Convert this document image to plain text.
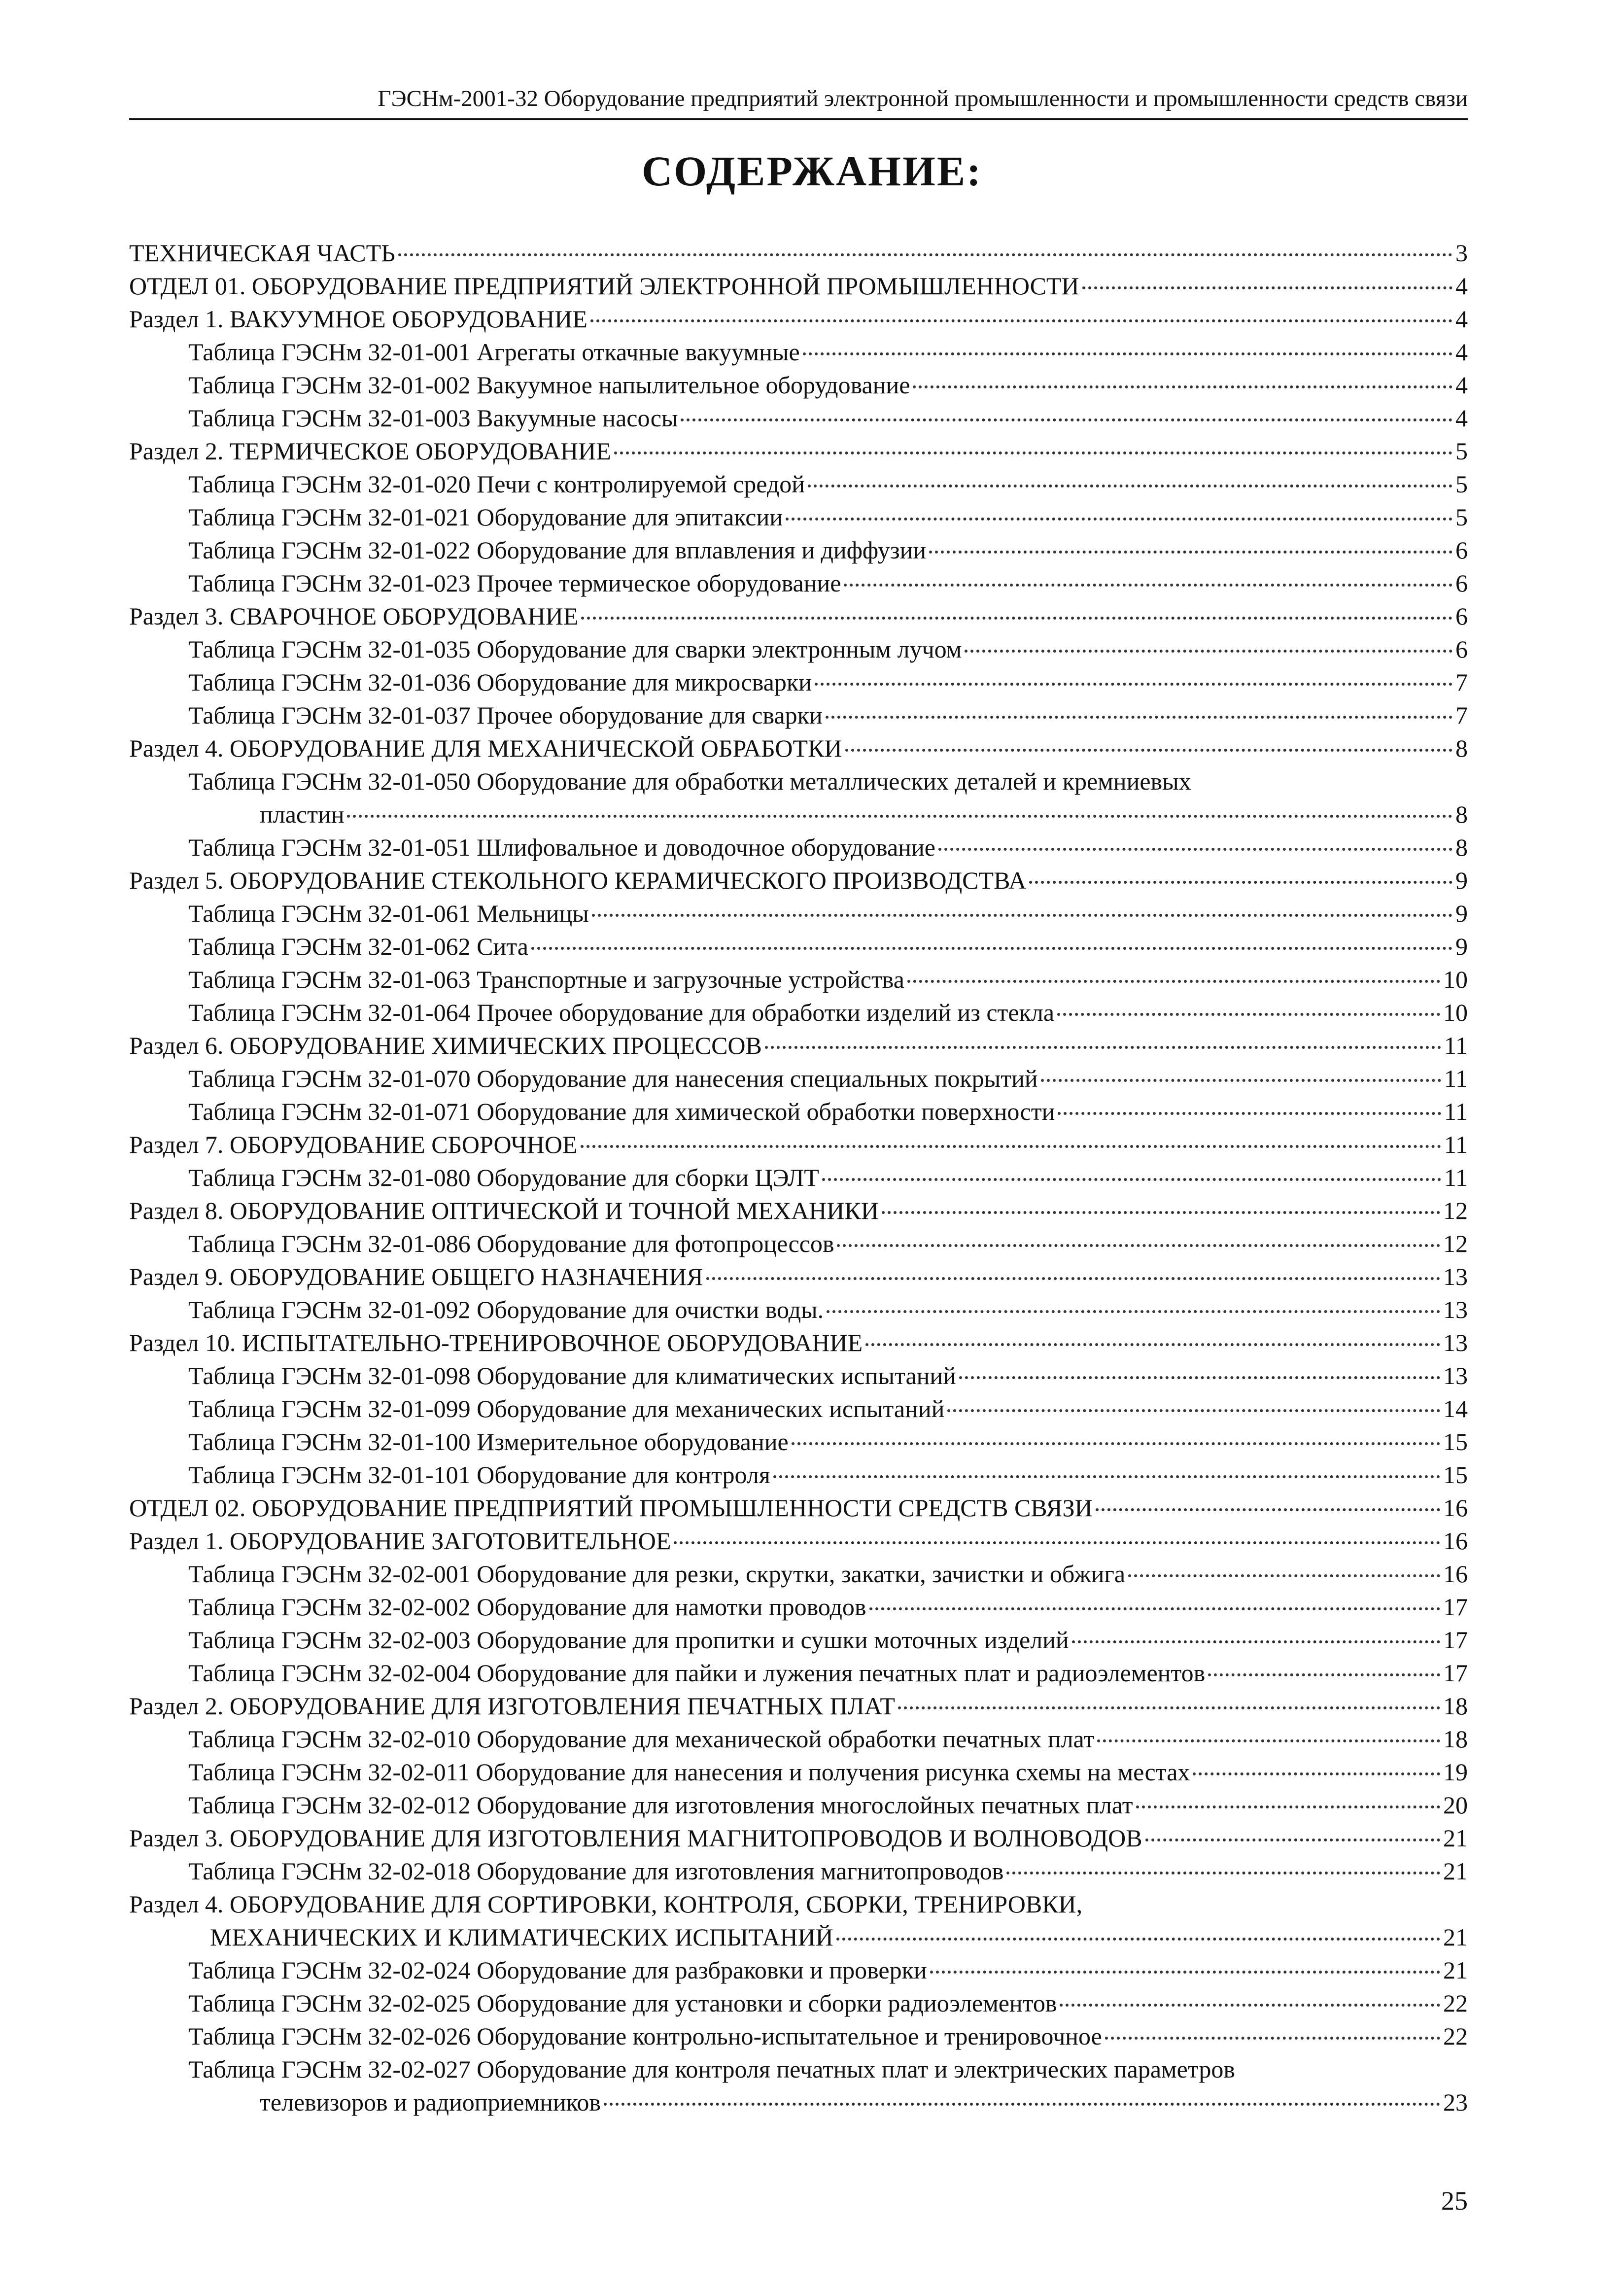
ГЭСНм-2001-32 Оборудование предприятий электронной промышленности и промышленности средств связи
СОДЕРЖАНИЕ:
ТЕХНИЧЕСКАЯ ЧАСТЬ	3
ОТДЕЛ 01. ОБОРУДОВАНИЕ ПРЕДПРИЯТИЙ ЭЛЕКТРОННОЙ ПРОМЫШЛЕННОСТИ	4
Раздел 1. ВАКУУМНОЕ ОБОРУДОВАНИЕ	4
Таблица ГЭСНм 32-01-001 Агрегаты откачные вакуумные	4
Таблица ГЭСНм 32-01-002 Вакуумное напылительное оборудование	4
Таблица ГЭСНм 32-01-003 Вакуумные насосы	4
Раздел 2. ТЕРМИЧЕСКОЕ ОБОРУДОВАНИЕ	5
Таблица ГЭСНм 32-01-020 Печи с контролируемой средой	5
Таблица ГЭСНм 32-01-021 Оборудование для эпитаксии	5
Таблица ГЭСНм 32-01-022 Оборудование для вплавления и диффузии	6
Таблица ГЭСНм 32-01-023 Прочее термическое оборудование	6
Раздел 3. СВАРОЧНОЕ ОБОРУДОВАНИЕ	6
Таблица ГЭСНм 32-01-035 Оборудование для сварки электронным лучом	6
Таблица ГЭСНм 32-01-036 Оборудование для микросварки	7
Таблица ГЭСНм 32-01-037 Прочее оборудование для сварки	7
Раздел 4. ОБОРУДОВАНИЕ ДЛЯ МЕХАНИЧЕСКОЙ ОБРАБОТКИ	8
Таблица ГЭСНм 32-01-050 Оборудование для обработки металлических деталей и кремниевых
пластин	8
Таблица ГЭСНм 32-01-051 Шлифовальное и доводочное оборудование	8
Раздел 5. ОБОРУДОВАНИЕ СТЕКОЛЬНОГО КЕРАМИЧЕСКОГО ПРОИЗВОДСТВА	9
Таблица ГЭСНм 32-01-061 Мельницы	9
Таблица ГЭСНм 32-01-062 Сита	9
Таблица ГЭСНм 32-01-063 Транспортные и загрузочные устройства	10
Таблица ГЭСНм 32-01-064 Прочее оборудование для обработки изделий из стекла	10
Раздел 6. ОБОРУДОВАНИЕ ХИМИЧЕСКИХ ПРОЦЕССОВ	11
Таблица ГЭСНм 32-01-070 Оборудование для нанесения специальных покрытий	11
Таблица ГЭСНм 32-01-071 Оборудование для химической обработки поверхности	11
Раздел 7. ОБОРУДОВАНИЕ СБОРОЧНОЕ	11
Таблица ГЭСНм 32-01-080 Оборудование для сборки ЦЭЛТ	11
Раздел 8. ОБОРУДОВАНИЕ ОПТИЧЕСКОЙ И ТОЧНОЙ МЕХАНИКИ	12
Таблица ГЭСНм 32-01-086 Оборудование для фотопроцессов	12
Раздел 9. ОБОРУДОВАНИЕ ОБЩЕГО НАЗНАЧЕНИЯ	13
Таблица ГЭСНм 32-01-092 Оборудование для очистки воды.	13
Раздел 10. ИСПЫТАТЕЛЬНО-ТРЕНИРОВОЧНОЕ ОБОРУДОВАНИЕ	13
Таблица ГЭСНм 32-01-098 Оборудование для климатических испытаний	13
Таблица ГЭСНм 32-01-099 Оборудование для механических испытаний	14
Таблица ГЭСНм 32-01-100 Измерительное оборудование	15
Таблица ГЭСНм 32-01-101 Оборудование для контроля	15
ОТДЕЛ 02. ОБОРУДОВАНИЕ ПРЕДПРИЯТИЙ ПРОМЫШЛЕННОСТИ СРЕДСТВ СВЯЗИ	16
Раздел 1. ОБОРУДОВАНИЕ ЗАГОТОВИТЕЛЬНОЕ	16
Таблица ГЭСНм 32-02-001 Оборудование для резки, скрутки, закатки, зачистки и обжига	16
Таблица ГЭСНм 32-02-002 Оборудование для намотки проводов	17
Таблица ГЭСНм 32-02-003 Оборудование для пропитки и сушки моточных изделий	17
Таблица ГЭСНм 32-02-004 Оборудование для пайки и лужения печатных плат и радиоэлементов	17
Раздел 2. ОБОРУДОВАНИЕ ДЛЯ ИЗГОТОВЛЕНИЯ ПЕЧАТНЫХ ПЛАТ	18
Таблица ГЭСНм 32-02-010 Оборудование для механической обработки печатных плат	18
Таблица ГЭСНм 32-02-011 Оборудование для нанесения и получения рисунка схемы на местах	19
Таблица ГЭСНм 32-02-012 Оборудование для изготовления многослойных печатных плат	20
Раздел 3. ОБОРУДОВАНИЕ ДЛЯ ИЗГОТОВЛЕНИЯ МАГНИТОПРОВОДОВ И ВОЛНОВОДОВ	21
Таблица ГЭСНм 32-02-018 Оборудование для изготовления магнитопроводов	21
Раздел 4. ОБОРУДОВАНИЕ ДЛЯ СОРТИРОВКИ, КОНТРОЛЯ, СБОРКИ, ТРЕНИРОВКИ,
МЕХАНИЧЕСКИХ И КЛИМАТИЧЕСКИХ ИСПЫТАНИЙ	21
Таблица ГЭСНм 32-02-024 Оборудование для разбраковки и проверки	21
Таблица ГЭСНм 32-02-025 Оборудование для установки и сборки радиоэлементов	22
Таблица ГЭСНм 32-02-026 Оборудование контрольно-испытательное и тренировочное	22
Таблица ГЭСНм 32-02-027 Оборудование для контроля печатных плат и электрических параметров
телевизоров и радиоприемников	23
25
